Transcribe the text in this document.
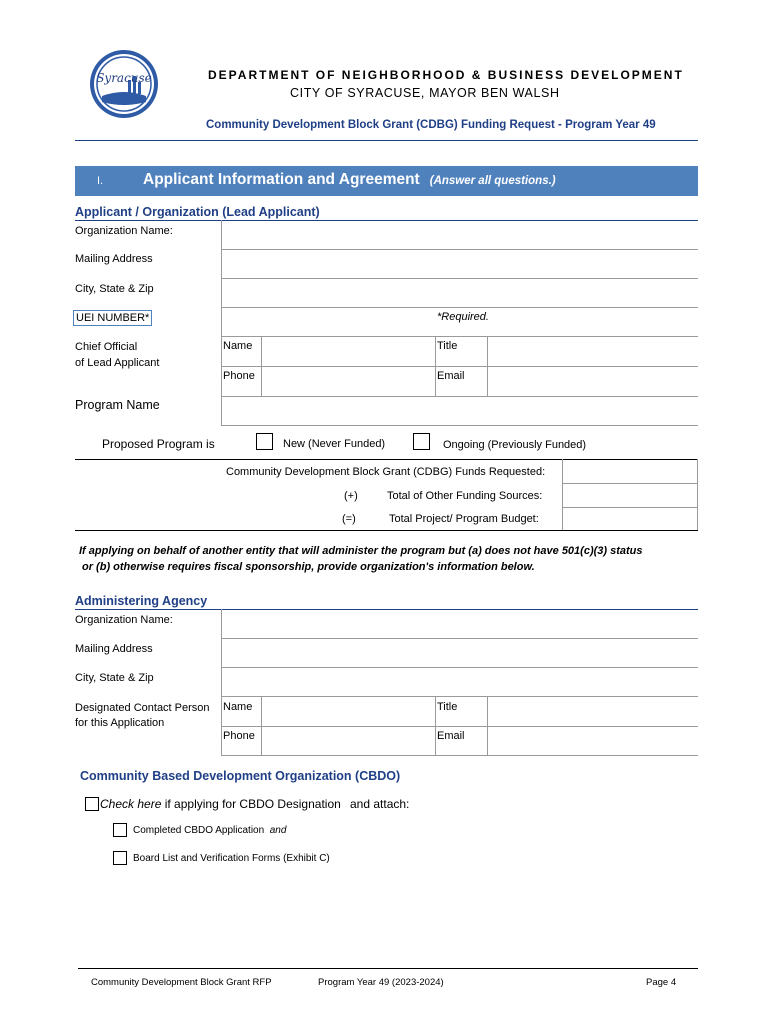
Syracuse	DEPARTMENT OF NEIGHBORHOOD & BUSINESS DEVELOPMENT
CITY OF SYRACUSE, MAYOR BEN WALSH
Community Development Block Grant (CDBG) Funding Request - Program Year 49
I.	Applicant Information and Agreement (Answer all questions.)
Applicant / Organization (Lead Applicant)
Organization Name:
Mailing Address
City, State & Zip
UEI NUMBER*	*Required.
Chief Official
of Lead Applicant
Name	Title
Phone	Email
Program Name
Proposed Program is	New (Never Funded)	Ongoing (Previously Funded)
Community Development Block Grant (CDBG) Funds Requested:
(+)	Total of Other Funding Sources:
(=)	Total Project/ Program Budget:
If applying on behalf of another entity that will administer the program but (a) does not have 501(c)(3) status
or (b) otherwise requires fiscal sponsorship, provide organization's information below.
Administering Agency
Organization Name:
Mailing Address
City, State & Zip
Designated Contact Person
for this Application
Name	Title
Phone	Email
Community Based Development Organization (CBDO)
Check here if applying for CBDO Designation and attach:
Completed CBDO Application and
Board List and Verification Forms (Exhibit C)
Community Development Block Grant RFP	Program Year 49 (2023-2024)	Page 4
